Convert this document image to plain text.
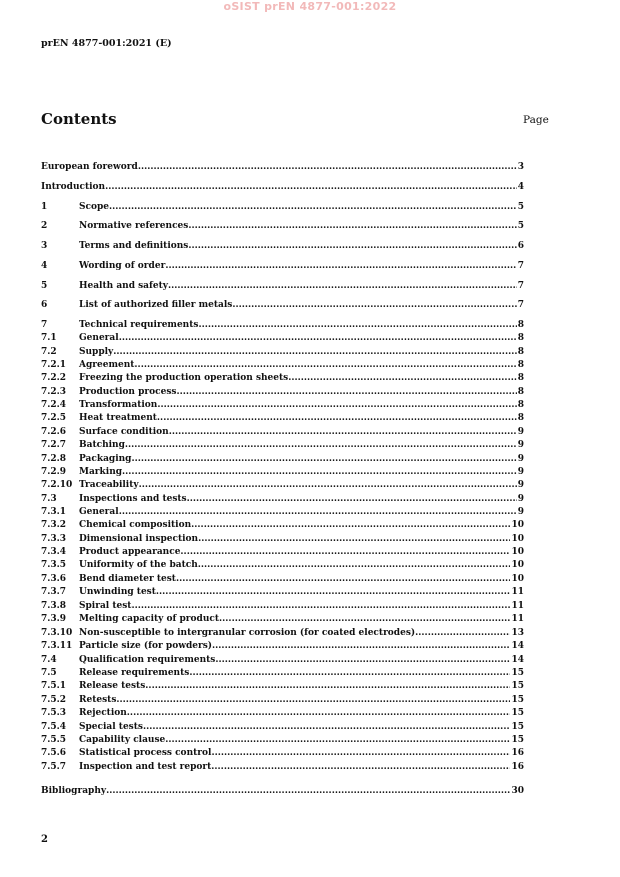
oSIST prEN 4877-001:2022
prEN 4877-001:2021 (E)
Contents	Page
European foreword .....	3
Introduction .....	4
1	Scope .....	5
2	Normative references .....	5
3	Terms and definitions .....	6
4	Wording of order .....	7
5	Health and safety .....	7
6	List of authorized filler metals .....	7
7	Technical requirements .....	8
7.1	General .....	8
7.2	Supply .....	8
7.2.1	Agreement .....	8
7.2.2	Freezing the production operation sheets .....	8
7.2.3	Production process .....	8
7.2.4	Transformation .....	8
7.2.5	Heat treatment .....	8
7.2.6	Surface condition .....	9
7.2.7	Batching .....	9
7.2.8	Packaging .....	9
7.2.9	Marking .....	9
7.2.10 Traceability .....	9
7.3	Inspections and tests .....	9
7.3.1	General .....	9
7.3.2	Chemical composition .....	10
7.3.3	Dimensional inspection .....	10
7.3.4	Product appearance .....	10
7.3.5	Uniformity of the batch .....	10
7.3.6	Bend diameter test .....	10
7.3.7	Unwinding test .....	11
7.3.8	Spiral test .....	11
7.3.9	Melting capacity of product .....	11
7.3.10 Non-susceptible to intergranular corrosion (for coated electrodes) .....	13
7.3.11 Particle size (for powders) .....	14
7.4	Qualification requirements .....	14
7.5	Release requirements .....	15
7.5.1	Release tests .....	15
7.5.2	Retests .....	15
7.5.3	Rejection .....	15
7.5.4	Special tests .....	15
7.5.5	Capability clause .....	15
7.5.6	Statistical process control .....	16
7.5.7	Inspection and test report .....	16
Bibliography .....	30
2
